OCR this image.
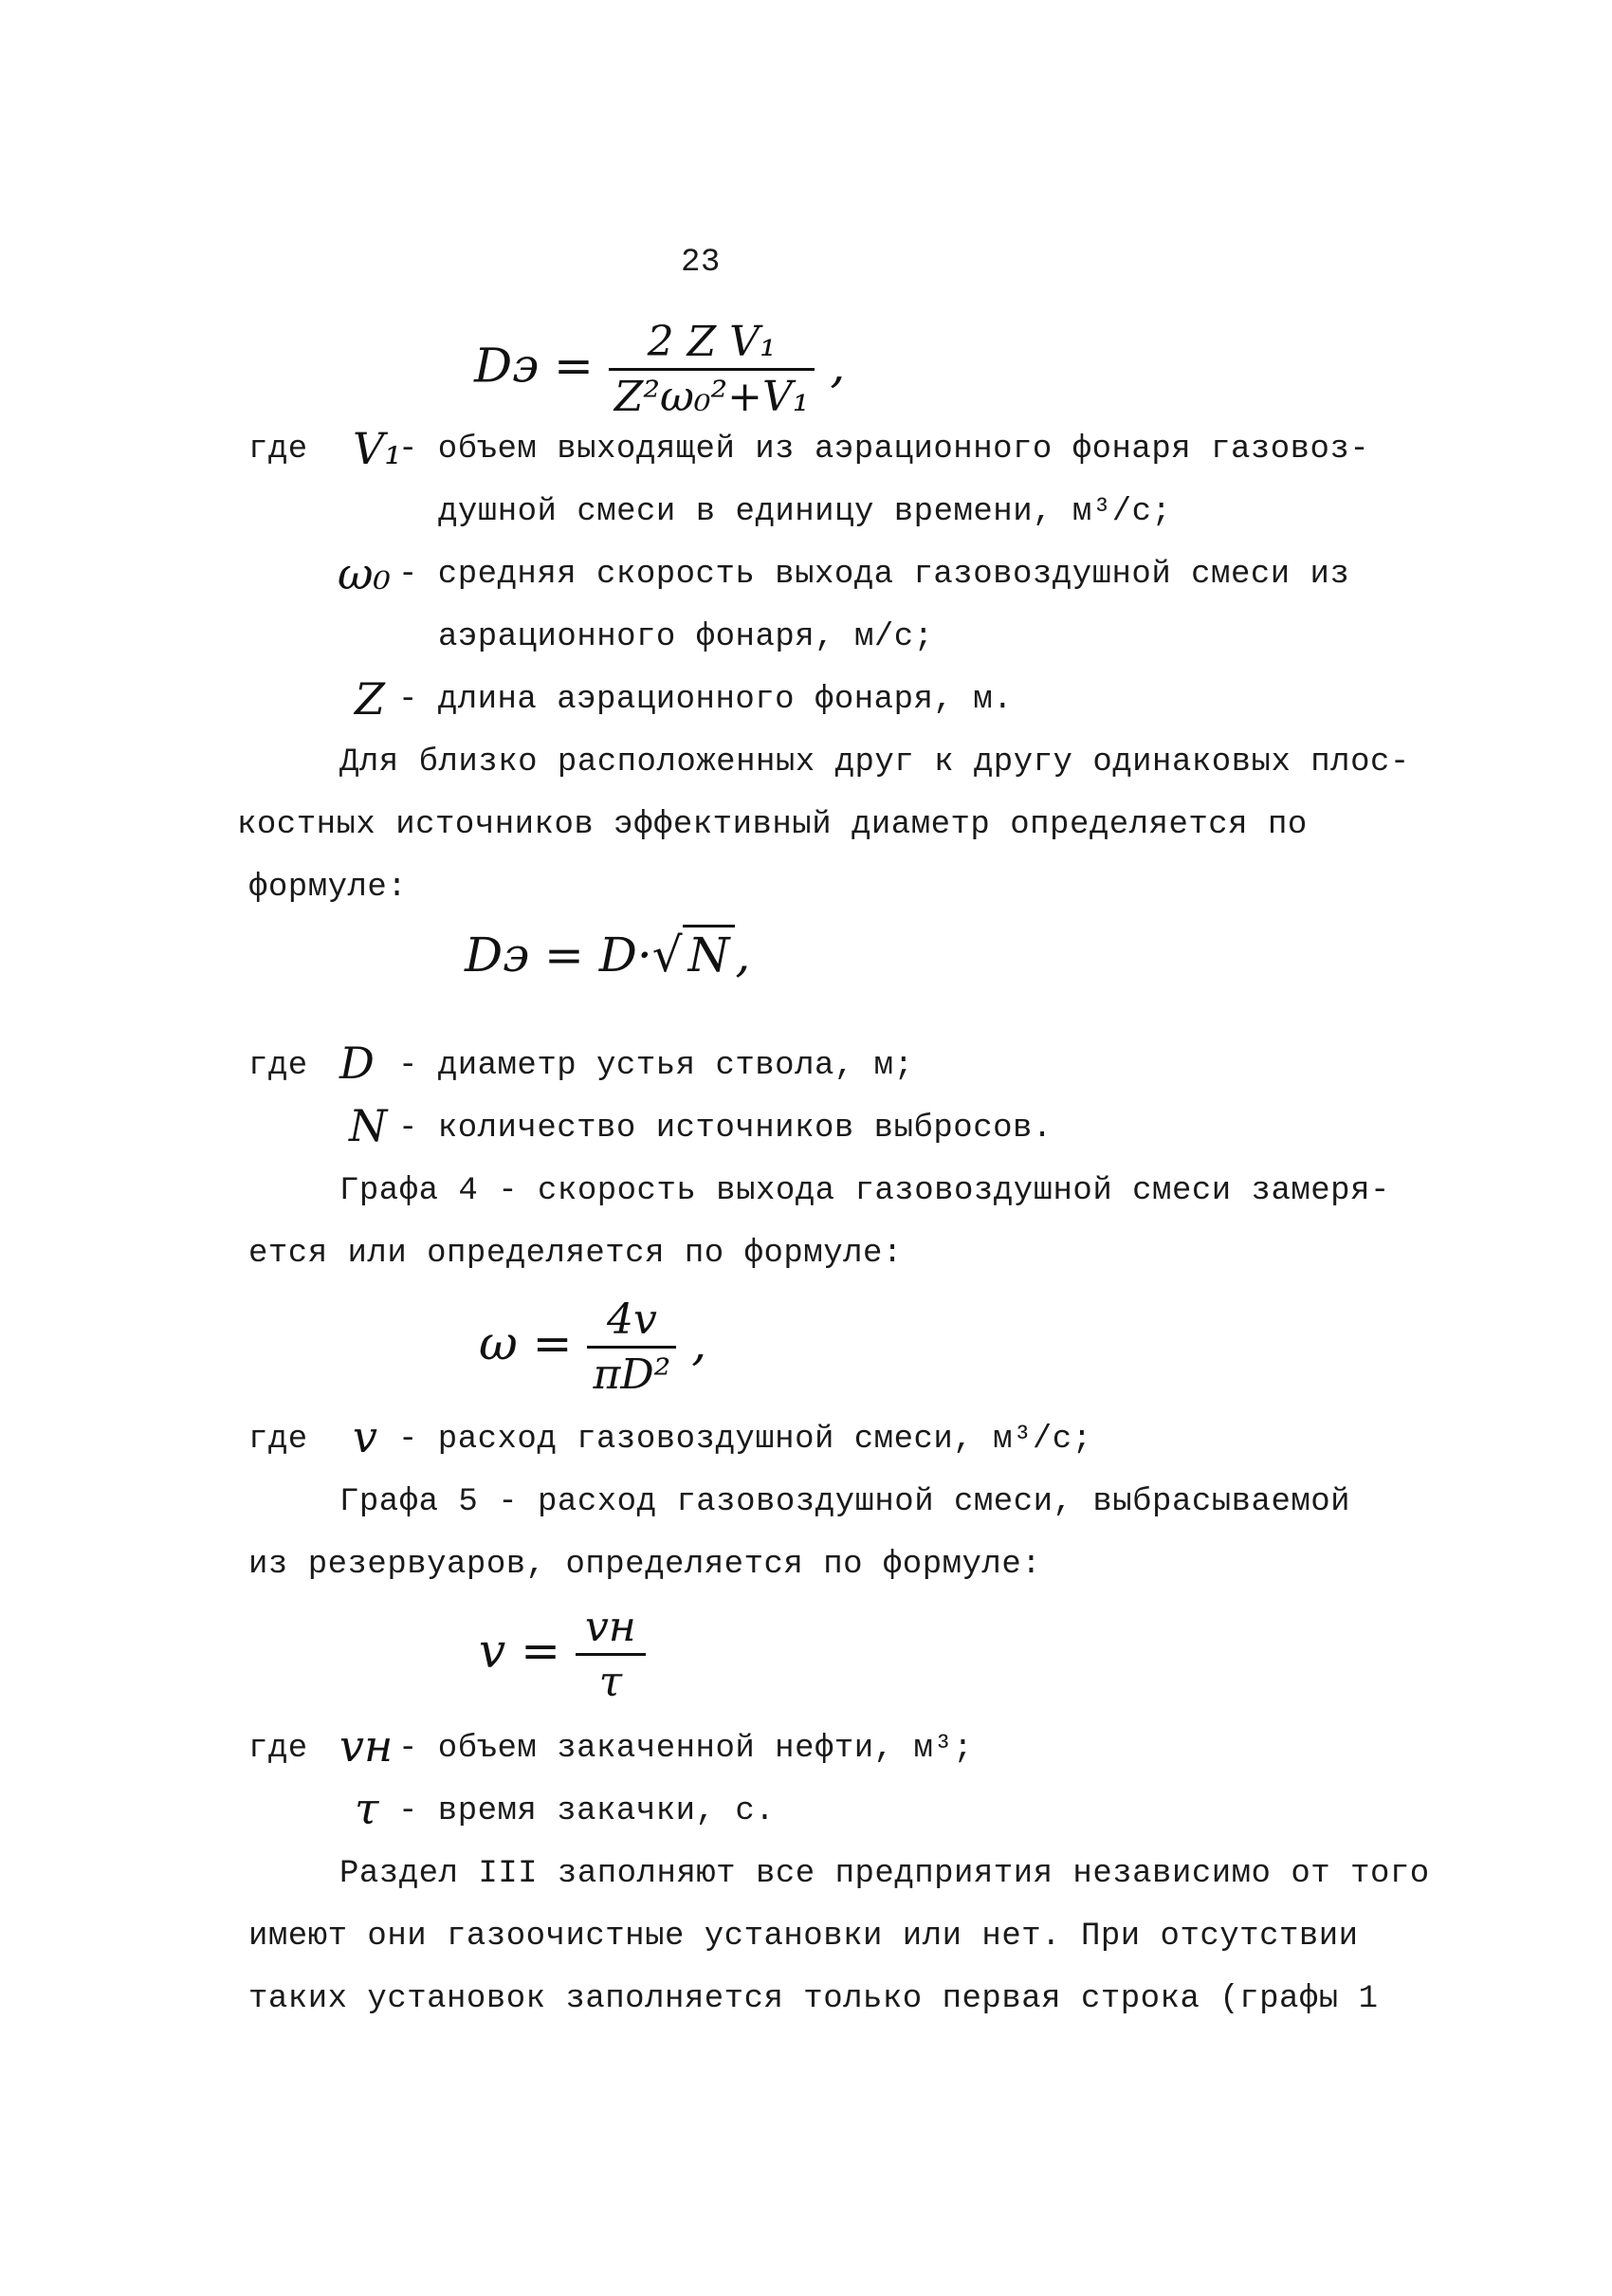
23
Dэ = $\frac{\text{2 Z V₁}}{\text{Z²ω₀²+V₁}}$ ,
где V₁
- объем выходящей из аэрационного фонаря газовоз-
душной смеси в единицу времени, м³/с;
ω₀ - средняя скорость выхода газовоздушной смеси из
аэрационного фонаря, м/с;
Z - длина аэрационного фонаря, м.
Для близко расположенных друг к другу одинаковых плос-
костных источников эффективный диаметр определяется по
формуле:
Dэ = D·√ N ,
где D - диаметр устья ствола, м;
N - количество источников выбросов.
Графа 4 - скорость выхода газовоздушной смеси замеря-
ется или определяется по формуле:
$\omega = \frac{4v}{\text{πD²}}$ ,
где v - расход газовоздушной смеси, м³/с;
Графа 5 - расход газовоздушной смеси, выбрасываемой
из резервуаров, определяется по формуле:
$v = \frac{vн}{\tau}$
где vн - объем закаченной нефти, м³;
τ - время закачки, с.
Раздел III заполняют все предприятия независимо от того
имеют они газоочистные установки или нет. При отсутствии
таких установок заполняется только первая строка (графы 1
